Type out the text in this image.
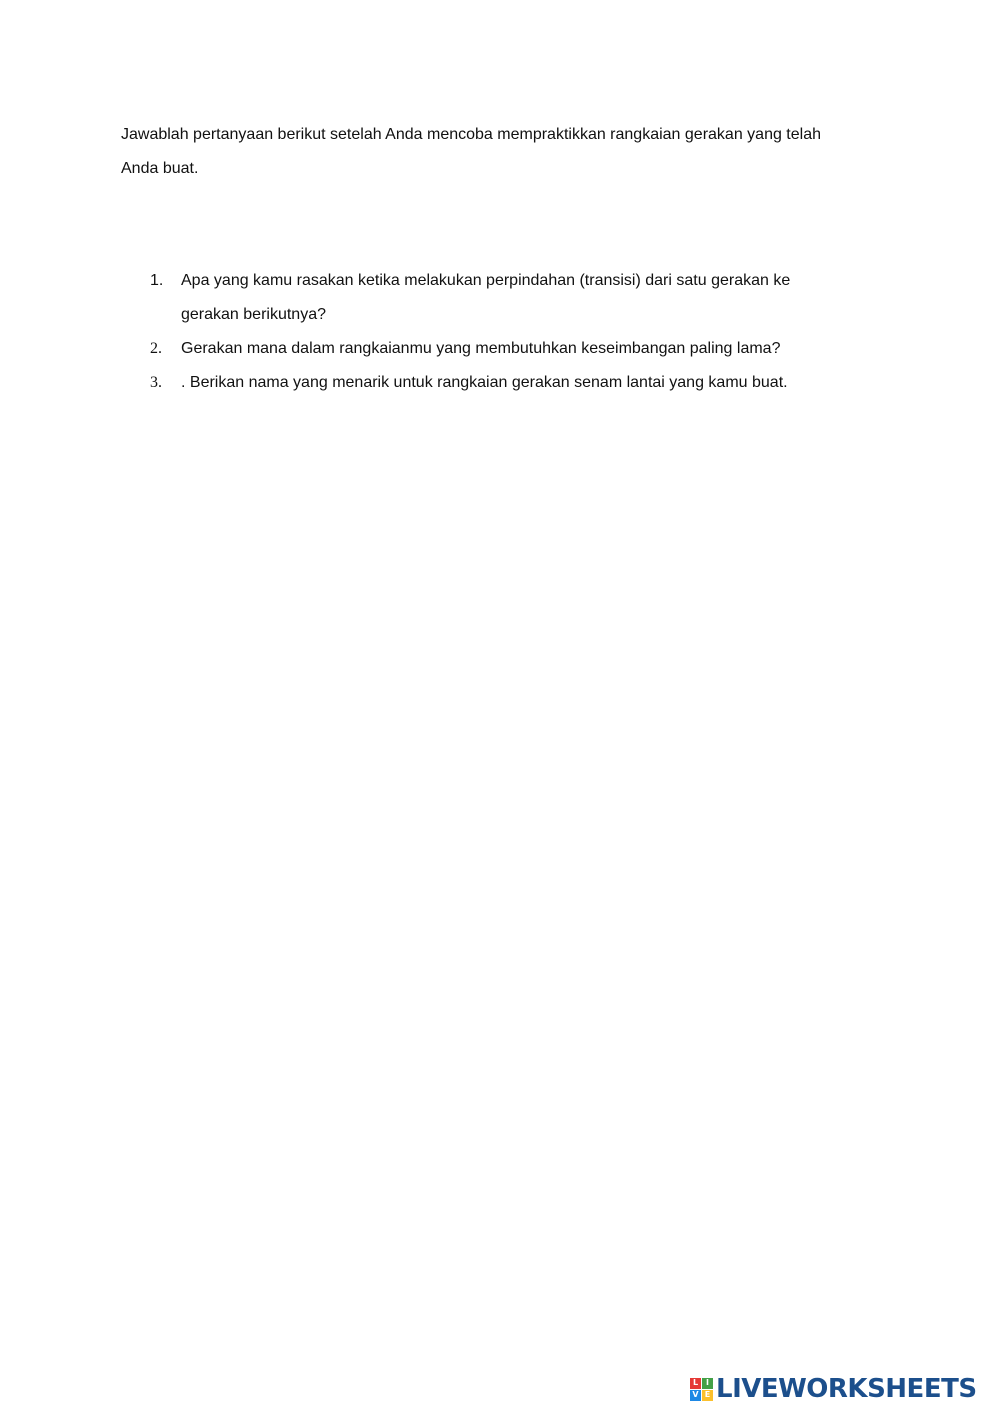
Jawablah pertanyaan berikut setelah Anda mencoba mempraktikkan rangkaian gerakan yang telah
Anda buat.

1.	Apa yang kamu rasakan ketika melakukan perpindahan (transisi) dari satu gerakan ke
gerakan berikutnya?
2.	Gerakan mana dalam rangkaianmu yang membutuhkan keseimbangan paling lama?
3.	. Berikan nama yang menarik untuk rangkaian gerakan senam lantai yang kamu buat.
L I
V E LIVEWORKSHEETS
